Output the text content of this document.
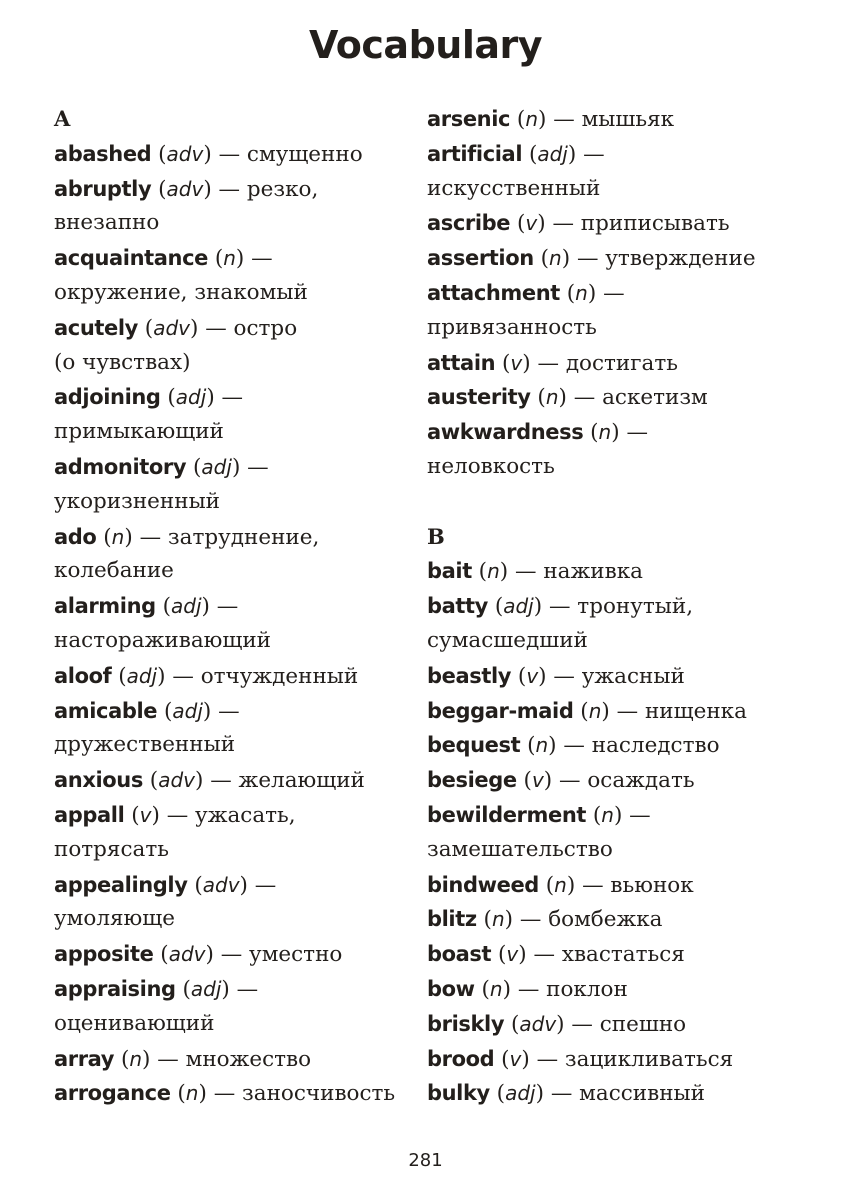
Vocabulary
A
abashed (adv) — смущенно
abruptly (adv) — резко,
внезапно
acquaintance (n) —
окружение, знакомый
acutely (adv) — остро
(о чувствах)
adjoining (adj) —
примыкающий
admonitory (adj) —
укоризненный
ado (n) — затруднение,
колебание
alarming (adj) —
настораживающий
aloof (adj) — отчужденный
amicable (adj) —
дружественный
anxious (adv) — желающий
appall (v) — ужасать,
потрясать
appealingly (adv) —
умоляюще
apposite (adv) — уместно
appraising (adj) —
оценивающий
array (n) — множество
arrogance (n) — заносчивость
arsenic (n) — мышьяк
artificial (adj) —
искусственный
ascribe (v) — приписывать
assertion (n) — утверждение
attachment (n) —
привязанность
attain (v) — достигать
austerity (n) — аскетизм
awkwardness (n) —
неловкость
B
bait (n) — наживка
batty (adj) — тронутый,
сумасшедший
beastly (v) — ужасный
beggar-maid (n) — нищенка
bequest (n) — наследство
besiege (v) — осаждать
bewilderment (n) —
замешательство
bindweed (n) — вьюнок
blitz (n) — бомбежка
boast (v) — хвастаться
bow (n) — поклон
briskly (adv) — спешно
brood (v) — зацикливаться
bulky (adj) — массивный
281
